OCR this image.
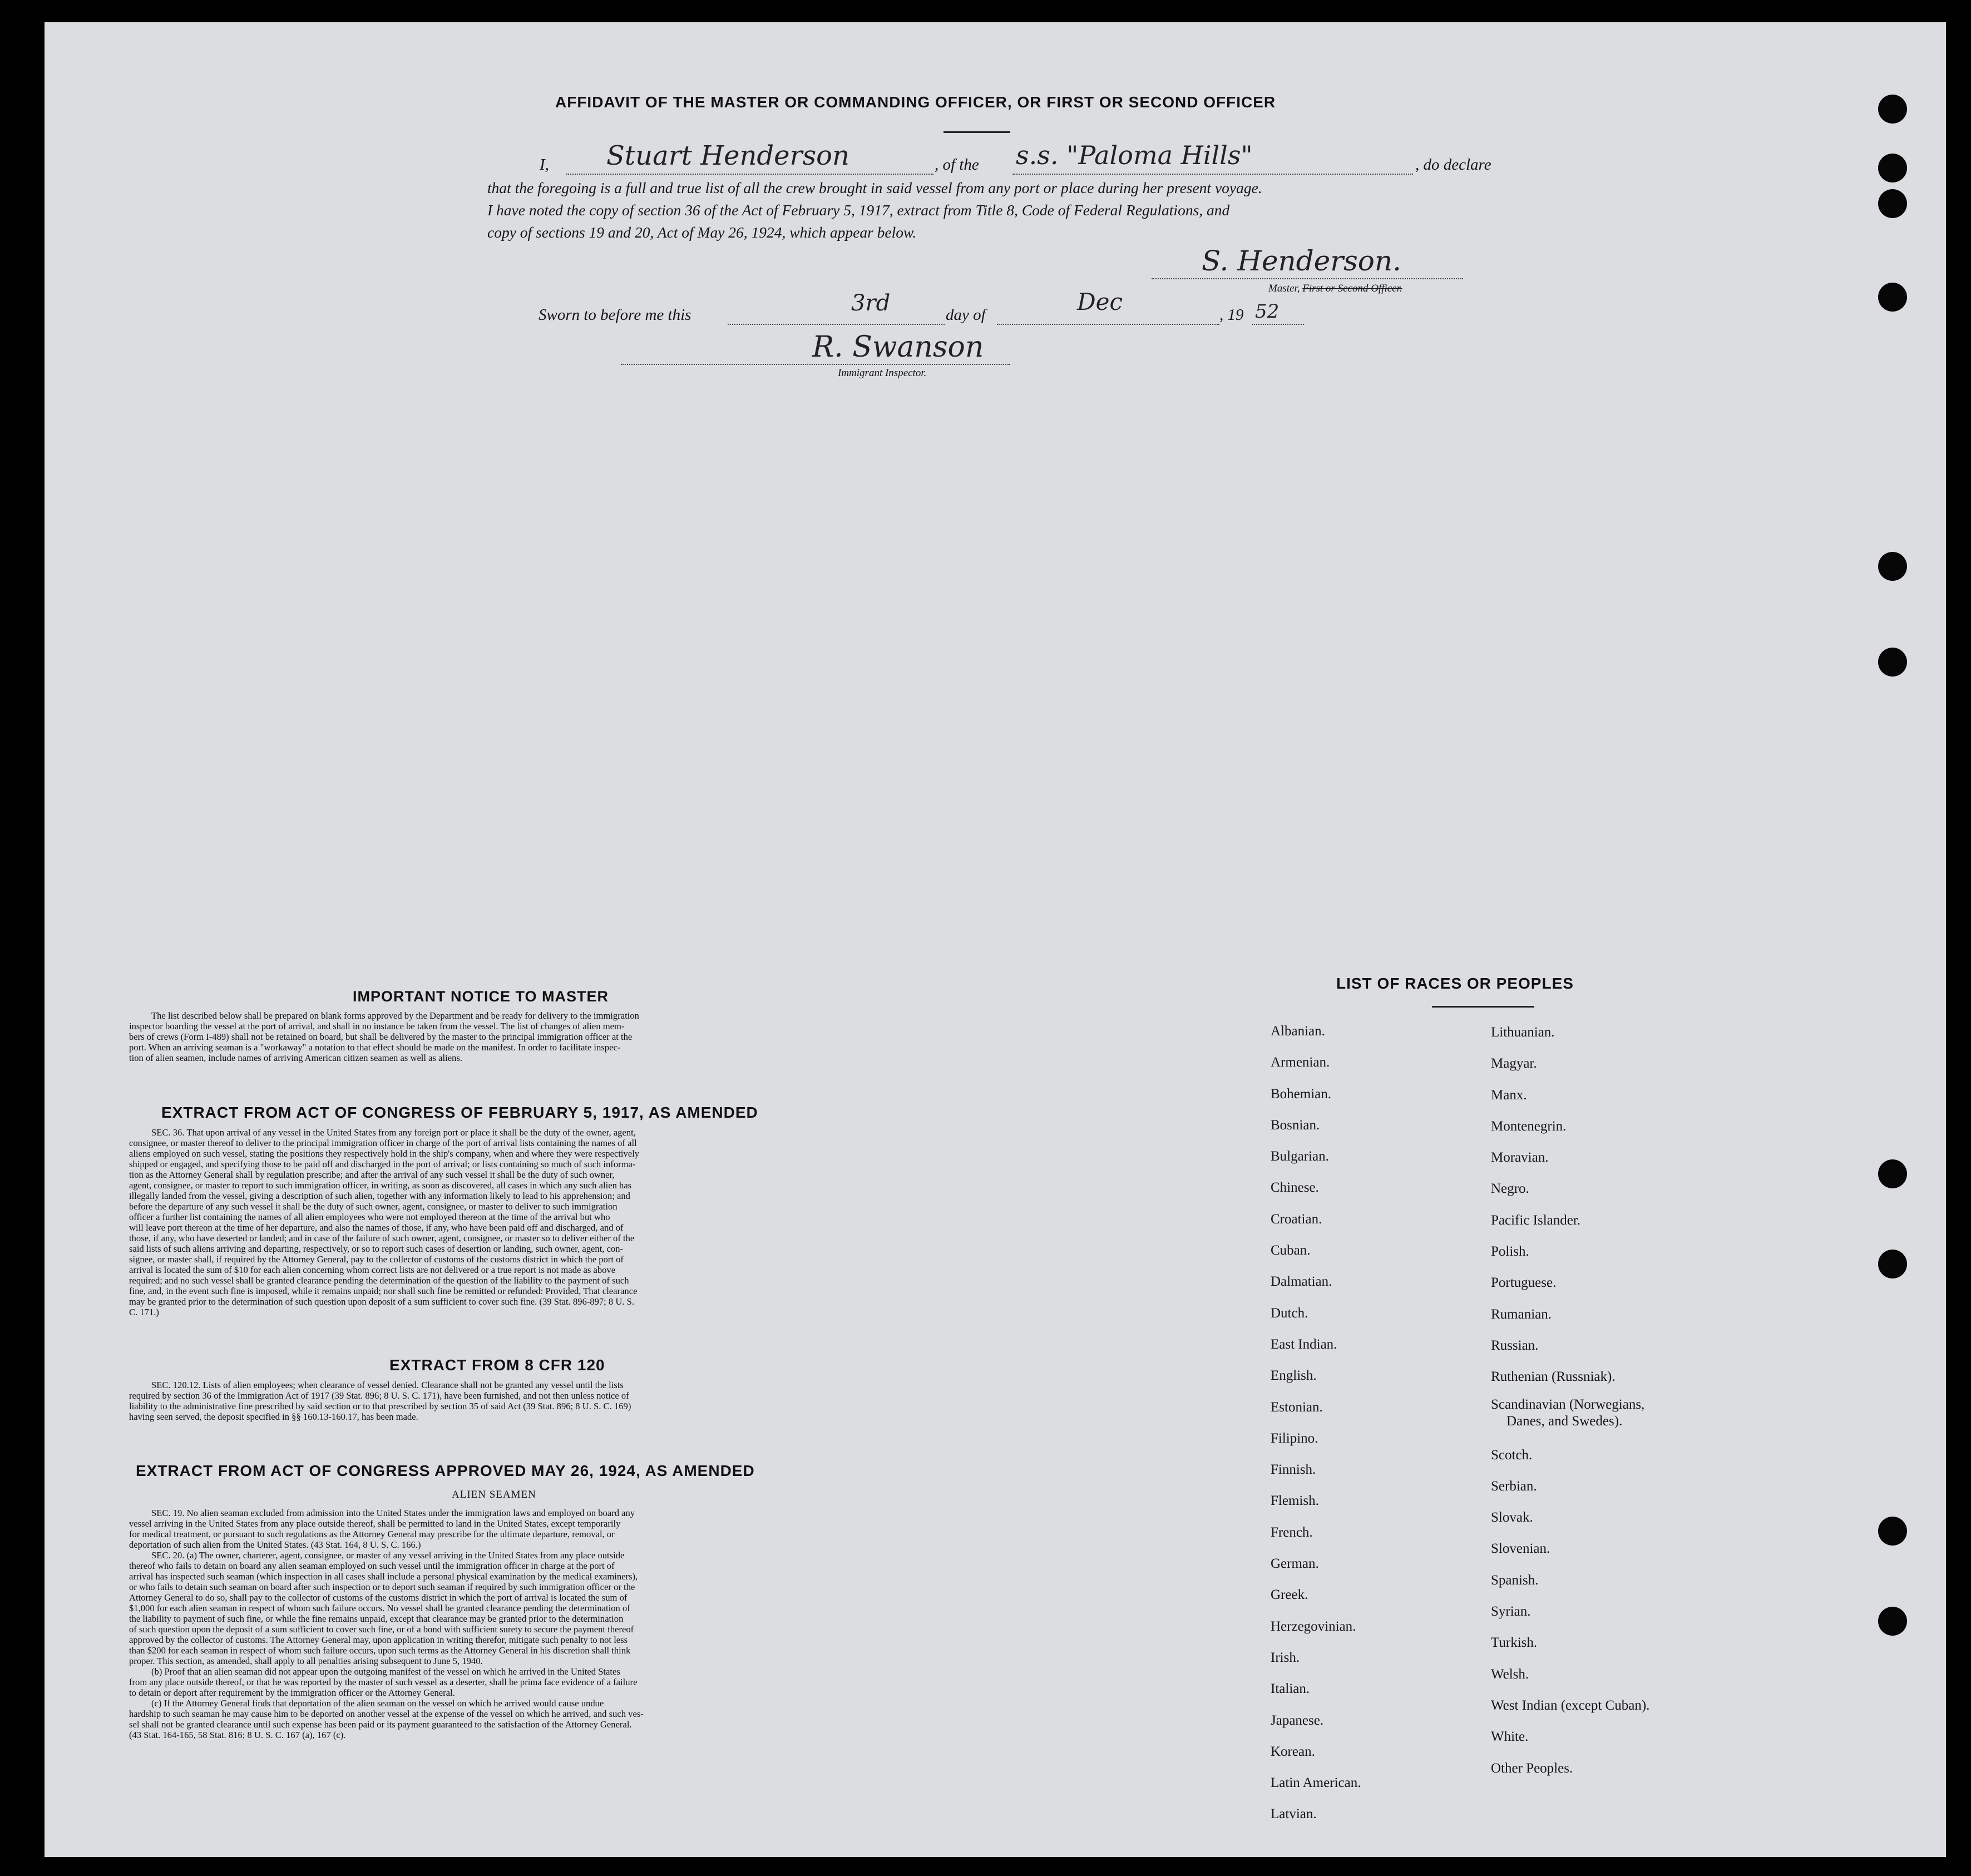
AFFIDAVIT OF THE MASTER OR COMMANDING OFFICER, OR FIRST OR SECOND OFFICER
I, Stuart Henderson	, of the s.s. "Paloma Hills"	, do declare
that the foregoing is a full and true list of all the crew brought in said vessel from any port or place during her present voyage.
I have noted the copy of section 36 of the Act of February 5, 1917, extract from Title 8, Code of Federal Regulations, and
copy of sections 19 and 20, Act of May 26, 1924, which appear below.
S. Henderson.
Master, First or Second Officer.
Sworn to before me this	3rd	day of	Dec	, 19 52
R. Swanson
Immigrant Inspector.
IMPORTANT NOTICE TO MASTER
The list described below shall be prepared on blank forms approved by the Department and be ready for delivery to the immigration
inspector boarding the vessel at the port of arrival, and shall in no instance be taken from the vessel. The list of changes of alien mem-
bers of crews (Form I-489) shall not be retained on board, but shall be delivered by the master to the principal immigration officer at the
port. When an arriving seaman is a "workaway" a notation to that effect should be made on the manifest. In order to facilitate inspec-
tion of alien seamen, include names of arriving American citizen seamen as well as aliens.
EXTRACT FROM ACT OF CONGRESS OF FEBRUARY 5, 1917, AS AMENDED
SEC. 36. That upon arrival of any vessel in the United States from any foreign port or place it shall be the duty of the owner, agent,
consignee, or master thereof to deliver to the principal immigration officer in charge of the port of arrival lists containing the names of all
aliens employed on such vessel, stating the positions they respectively hold in the ship's company, when and where they were respectively
shipped or engaged, and specifying those to be paid off and discharged in the port of arrival; or lists containing so much of such informa-
tion as the Attorney General shall by regulation prescribe; and after the arrival of any such vessel it shall be the duty of such owner,
agent, consignee, or master to report to such immigration officer, in writing, as soon as discovered, all cases in which any such alien has
illegally landed from the vessel, giving a description of such alien, together with any information likely to lead to his apprehension; and
before the departure of any such vessel it shall be the duty of such owner, agent, consignee, or master to deliver to such immigration
officer a further list containing the names of all alien employees who were not employed thereon at the time of the arrival but who
will leave port thereon at the time of her departure, and also the names of those, if any, who have been paid off and discharged, and of
those, if any, who have deserted or landed; and in case of the failure of such owner, agent, consignee, or master so to deliver either of the
said lists of such aliens arriving and departing, respectively, or so to report such cases of desertion or landing, such owner, agent, con-
signee, or master shall, if required by the Attorney General, pay to the collector of customs of the customs district in which the port of
arrival is located the sum of $10 for each alien concerning whom correct lists are not delivered or a true report is not made as above
required; and no such vessel shall be granted clearance pending the determination of the question of the liability to the payment of such
fine, and, in the event such fine is imposed, while it remains unpaid; nor shall such fine be remitted or refunded: Provided, That clearance
may be granted prior to the determination of such question upon deposit of a sum sufficient to cover such fine. (39 Stat. 896-897; 8 U. S.
C. 171.)
EXTRACT FROM 8 CFR 120
SEC. 120.12. Lists of alien employees; when clearance of vessel denied. Clearance shall not be granted any vessel until the lists
required by section 36 of the Immigration Act of 1917 (39 Stat. 896; 8 U. S. C. 171), have been furnished, and not then unless notice of
liability to the administrative fine prescribed by said section or to that prescribed by section 35 of said Act (39 Stat. 896; 8 U. S. C. 169)
having seen served, the deposit specified in §§ 160.13-160.17, has been made.
EXTRACT FROM ACT OF CONGRESS APPROVED MAY 26, 1924, AS AMENDED
ALIEN SEAMEN
SEC. 19. No alien seaman excluded from admission into the United States under the immigration laws and employed on board any
vessel arriving in the United States from any place outside thereof, shall be permitted to land in the United States, except temporarily
for medical treatment, or pursuant to such regulations as the Attorney General may prescribe for the ultimate departure, removal, or
deportation of such alien from the United States. (43 Stat. 164, 8 U. S. C. 166.)
SEC. 20. (a) The owner, charterer, agent, consignee, or master of any vessel arriving in the United States from any place outside
thereof who fails to detain on board any alien seaman employed on such vessel until the immigration officer in charge at the port of
arrival has inspected such seaman (which inspection in all cases shall include a personal physical examination by the medical examiners),
or who fails to detain such seaman on board after such inspection or to deport such seaman if required by such immigration officer or the
Attorney General to do so, shall pay to the collector of customs of the customs district in which the port of arrival is located the sum of
$1,000 for each alien seaman in respect of whom such failure occurs. No vessel shall be granted clearance pending the determination of
the liability to payment of such fine, or while the fine remains unpaid, except that clearance may be granted prior to the determination
of such question upon the deposit of a sum sufficient to cover such fine, or of a bond with sufficient surety to secure the payment thereof
approved by the collector of customs. The Attorney General may, upon application in writing therefor, mitigate such penalty to not less
than $200 for each seaman in respect of whom such failure occurs, upon such terms as the Attorney General in his discretion shall think
proper. This section, as amended, shall apply to all penalties arising subsequent to June 5, 1940.
(b) Proof that an alien seaman did not appear upon the outgoing manifest of the vessel on which he arrived in the United States
from any place outside thereof, or that he was reported by the master of such vessel as a deserter, shall be prima face evidence of a failure
to detain or deport after requirement by the immigration officer or the Attorney General.
(c) If the Attorney General finds that deportation of the alien seaman on the vessel on which he arrived would cause undue
hardship to such seaman he may cause him to be deported on another vessel at the expense of the vessel on which he arrived, and such ves-
sel shall not be granted clearance until such expense has been paid or its payment guaranteed to the satisfaction of the Attorney General.
(43 Stat. 164-165, 58 Stat. 816; 8 U. S. C. 167 (a), 167 (c).
LIST OF RACES OR PEOPLES
Albanian.
Armenian.
Bohemian.
Bosnian.
Bulgarian.
Chinese.
Croatian.
Cuban.
Dalmatian.
Dutch.
East Indian.
English.
Estonian.
Filipino.
Finnish.
Flemish.
French.
German.
Greek.
Herzegovinian.
Irish.
Italian.
Japanese.
Korean.
Latin American.
Latvian.
Lithuanian.
Magyar.
Manx.
Montenegrin.
Moravian.
Negro.
Pacific Islander.
Polish.
Portuguese.
Rumanian.
Russian.
Ruthenian (Russniak).
Scandinavian (Norwegians,
Danes, and Swedes).
Scotch.
Serbian.
Slovak.
Slovenian.
Spanish.
Syrian.
Turkish.
Welsh.
West Indian (except Cuban).
White.
Other Peoples.
